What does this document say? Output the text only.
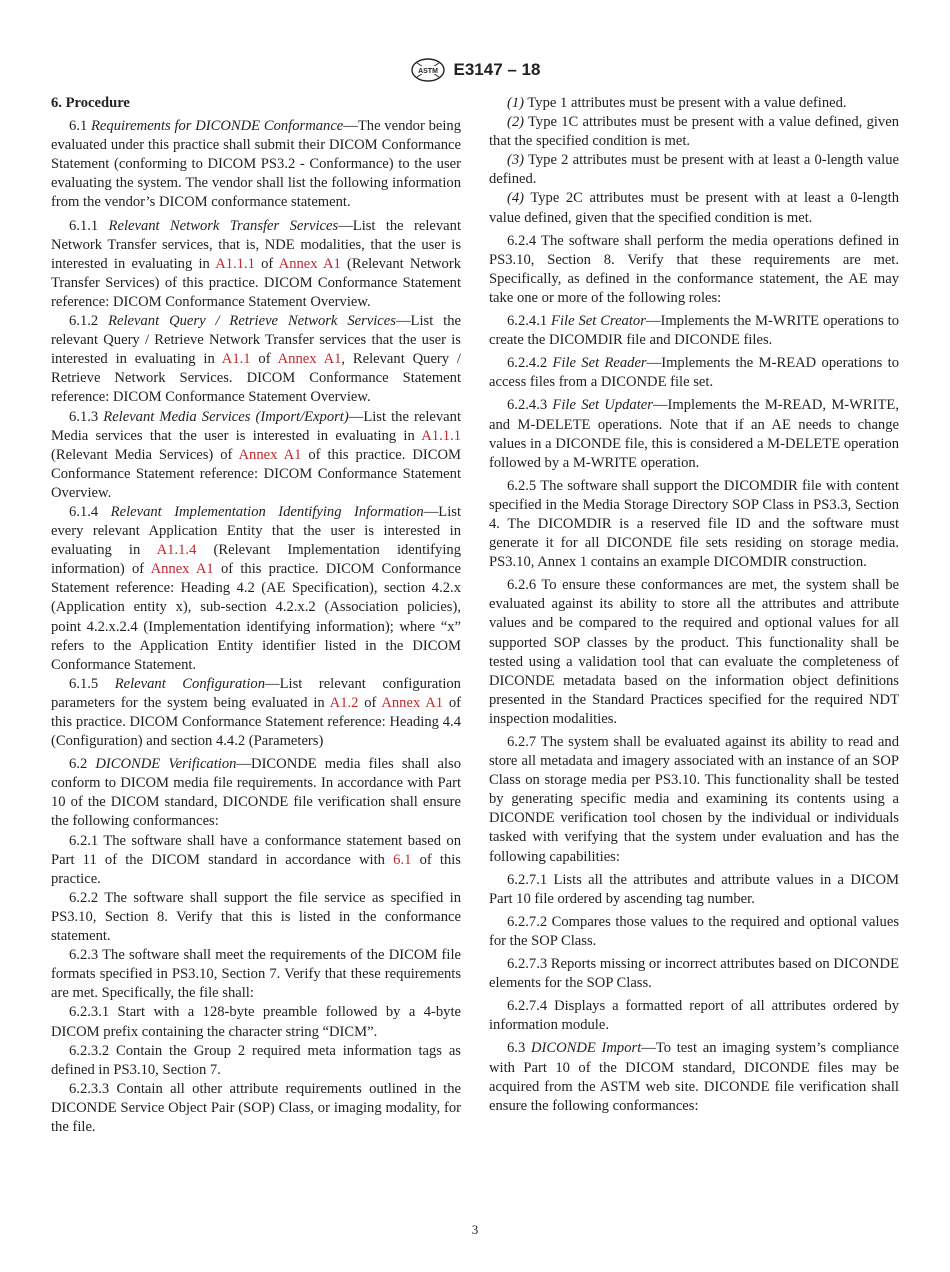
ASTM E3147 – 18
6. Procedure

6.1 Requirements for DICONDE Conformance—The vendor being evaluated under this practice shall submit their DICOM Conformance Statement (conforming to DICOM PS3.2 - Conformance) to the user evaluating the system. The vendor shall list the following information from the vendor’s DICOM conformance statement.

6.1.1 Relevant Network Transfer Services—List the relevant Network Transfer services, that is, NDE modalities, that the user is interested in evaluating in A1.1.1 of Annex A1 (Relevant Network Transfer Services) of this practice. DICOM Conformance Statement reference: DICOM Conformance Statement Overview.

6.1.2 Relevant Query / Retrieve Network Services—List the relevant Query / Retrieve Network Transfer services that the user is interested in evaluating in A1.1 of Annex A1, Relevant Query / Retrieve Network Services. DICOM Conformance Statement reference: DICOM Conformance Statement Overview.

6.1.3 Relevant Media Services (Import/Export)—List the relevant Media services that the user is interested in evaluating in A1.1.1 (Relevant Media Services) of Annex A1 of this practice. DICOM Conformance Statement reference: DICOM Conformance Statement Overview.

6.1.4 Relevant Implementation Identifying Information—List every relevant Application Entity that the user is interested in evaluating in A1.1.4 (Relevant Implementation identifying information) of Annex A1 of this practice. DICOM Conformance Statement reference: Heading 4.2 (AE Specification), section 4.2.x (Application entity x), sub-section 4.2.x.2 (Association policies), point 4.2.x.2.4 (Implementation identifying information); where “x” refers to the Application Entity identifier listed in the DICOM Conformance Statement.

6.1.5 Relevant Configuration—List relevant configuration parameters for the system being evaluated in A1.2 of Annex A1 of this practice. DICOM Conformance Statement reference: Heading 4.4 (Configuration) and section 4.4.2 (Parameters)

6.2 DICONDE Verification—DICONDE media files shall also conform to DICOM media file requirements. In accordance with Part 10 of the DICOM standard, DICONDE file verification shall ensure the following conformances:

6.2.1 The software shall have a conformance statement based on Part 11 of the DICOM standard in accordance with 6.1 of this practice.

6.2.2 The software shall support the file service as specified in PS3.10, Section 8. Verify that this is listed in the conformance statement.

6.2.3 The software shall meet the requirements of the DICOM file formats specified in PS3.10, Section 7. Verify that these requirements are met. Specifically, the file shall:

6.2.3.1 Start with a 128-byte preamble followed by a 4-byte DICOM prefix containing the character string “DICM”.

6.2.3.2 Contain the Group 2 required meta information tags as defined in PS3.10, Section 7.

6.2.3.3 Contain all other attribute requirements outlined in the DICONDE Service Object Pair (SOP) Class, or imaging modality, for the file.

(1) Type 1 attributes must be present with a value defined.

(2) Type 1C attributes must be present with a value defined, given that the specified condition is met.

(3) Type 2 attributes must be present with at least a 0-length value defined.

(4) Type 2C attributes must be present with at least a 0-length value defined, given that the specified condition is met.

6.2.4 The software shall perform the media operations defined in PS3.10, Section 8. Verify that these requirements are met. Specifically, as defined in the conformance statement, the AE may take one or more of the following roles:

6.2.4.1 File Set Creator—Implements the M-WRITE operations to create the DICOMDIR file and DICONDE files.

6.2.4.2 File Set Reader—Implements the M-READ operations to access files from a DICONDE file set.

6.2.4.3 File Set Updater—Implements the M-READ, M-WRITE, and M-DELETE operations. Note that if an AE needs to change values in a DICONDE file, this is considered a M-DELETE operation followed by a M-WRITE operation.

6.2.5 The software shall support the DICOMDIR file with content specified in the Media Storage Directory SOP Class in PS3.3, Section 4. The DICOMDIR is a reserved file ID and the software must generate it for all DICONDE file sets residing on storage media. PS3.10, Annex 1 contains an example DICOMDIR construction.

6.2.6 To ensure these conformances are met, the system shall be evaluated against its ability to store all the attributes and attribute values and be compared to the required and optional values for all supported SOP classes by the product. This functionality shall be tested using a validation tool that can evaluate the completeness of DICONDE metadata based on the information object definitions presented in the Standard Practices specified for the required NDT inspection modalities.

6.2.7 The system shall be evaluated against its ability to read and store all metadata and imagery associated with an instance of an SOP Class on storage media per PS3.10. This functionality shall be tested by generating specific media and examining its contents using a DICONDE verification tool chosen by the individual or individuals tasked with verifying that the system under evaluation and has the following capabilities:

6.2.7.1 Lists all the attributes and attribute values in a DICOM Part 10 file ordered by ascending tag number.

6.2.7.2 Compares those values to the required and optional values for the SOP Class.

6.2.7.3 Reports missing or incorrect attributes based on DICONDE elements for the SOP Class.

6.2.7.4 Displays a formatted report of all attributes ordered by information module.

6.3 DICONDE Import—To test an imaging system’s compliance with Part 10 of the DICOM standard, DICONDE files may be acquired from the ASTM web site. DICONDE file verification shall ensure the following conformances:

3
